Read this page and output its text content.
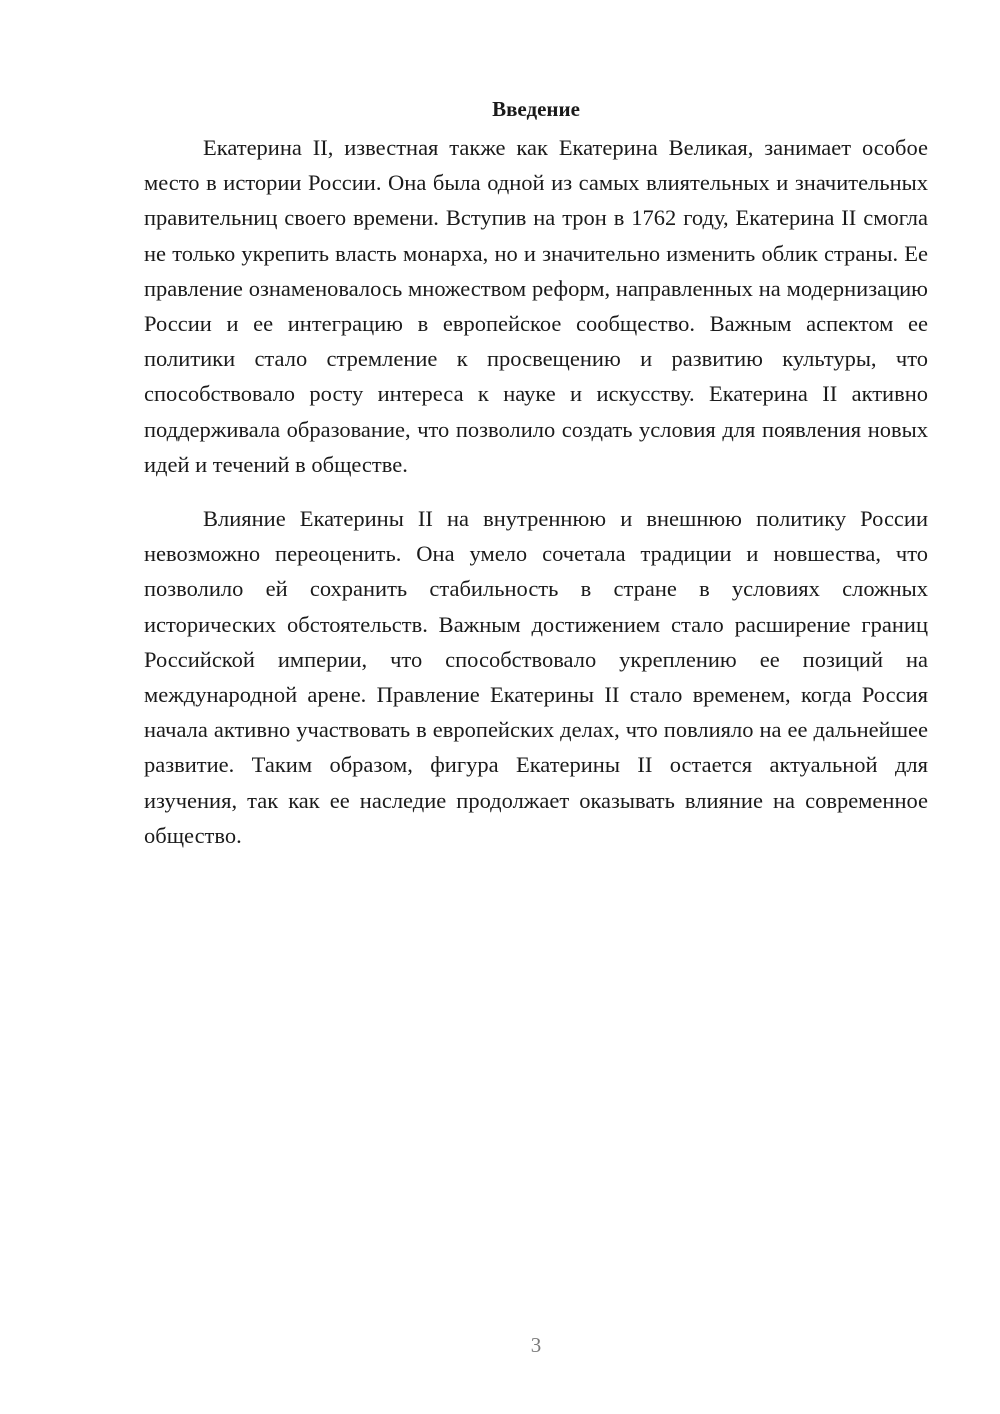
Введение

Екатерина II, известная также как Екатерина Великая, занимает особое место в истории России. Она была одной из самых влиятельных и значительных правительниц своего времени. Вступив на трон в 1762 году, Екатерина II смогла не только укрепить власть монарха, но и значительно изменить облик страны. Ее правление ознаменовалось множеством реформ, направленных на модернизацию России и ее интеграцию в европейское сообщество. Важным аспектом ее политики стало стремление к просвещению и развитию культуры, что способствовало росту интереса к науке и искусству. Екатерина II активно поддерживала образование, что позволило создать условия для появления новых идей и течений в обществе.

Влияние Екатерины II на внутреннюю и внешнюю политику России невозможно переоценить. Она умело сочетала традиции и новшества, что позволило ей сохранить стабильность в стране в условиях сложных исторических обстоятельств. Важным достижением стало расширение границ Российской империи, что способствовало укреплению ее позиций на международной арене. Правление Екатерины II стало временем, когда Россия начала активно участвовать в европейских делах, что повлияло на ее дальнейшее развитие. Таким образом, фигура Екатерины II остается актуальной для изучения, так как ее наследие продолжает оказывать влияние на современное общество.

3
